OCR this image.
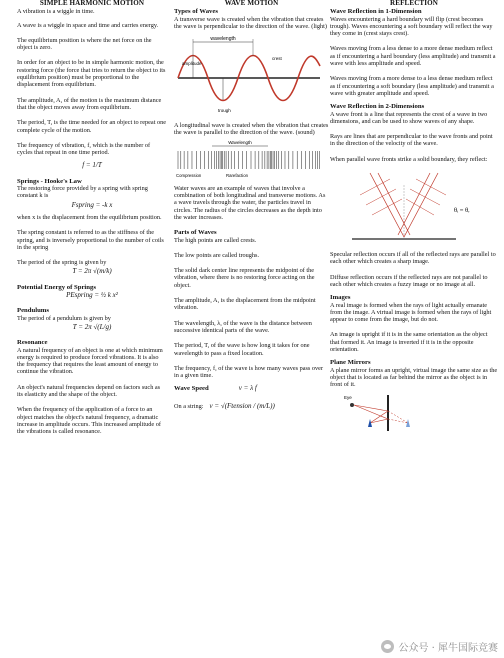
SIMPLE HARMONIC MOTION

A vibration is a wiggle in time.

A wave is a wiggle in space and time and carries energy.

The equilibrium position is where the net force on the object is zero.

In order for an object to be in simple harmonic motion, the restoring force (the force that tries to return the object to its equilibrium position) must be proportional to the displacement from equilibrium.

The amplitude, A, of the motion is the maximum distance that the object moves away from equilibrium.

The period, T, is the time needed for an object to repeat one complete cycle of the motion.

The frequency of vibration, f, which is the number of cycles that repeat in one time period.

f = 1/T
Springs - Hooke's Law

The restoring force provided by a spring with spring constant k is

Fspring = -k x

when x is the displacement from the equilibrium position.

The spring constant is referred to as the stiffness of the spring, and is inversely proportional to the number of coils in the spring

The period of the spring is given by

T = 2π √(m/k)
Potential Energy of Springs
PEspring = ½ k x²
Pendulums

The period of a pendulum is given by

T = 2π √(L/g)
Resonance

A natural frequency of an object is one at which minimum energy is required to produce forced vibrations. It is also the frequency that requires the least amount of energy to continue the vibration.

An object's natural frequencies depend on factors such as its elasticity and the shape of the object.

When the frequency of the application of a force to an object matches the object's natural frequency, a dramatic increase in amplitude occurs. This increased amplitude of the vibrations is called resonance.

WAVE MOTION
Types of Waves

A transverse wave is created when the vibration that creates the wave is perpendicular to the direction of the wave. (light)

wavelength
amplitude
crest
trough

A longitudinal wave is created when the vibration that creates the wave is parallel to the direction of the wave. (sound)

Wavelength
Compression	Rarefaction

Water waves are an example of waves that involve a combination of both longitudinal and transverse motions. As a wave travels through the water, the particles travel in circles. The radius of the circles decreases as the depth into the water increases.

Parts of Waves

The high points are called crests.

The low points are called troughs.

The solid dark center line represents the midpoint of the vibration, where there is no restoring force acting on the object.

The amplitude, A, is the displacement from the midpoint vibration.

The wavelength, λ, of the wave is the distance between successive identical parts of the wave.

The period, T, of the wave is how long it takes for one wavelength to pass a fixed location.

The frequency, f, of the wave is how many waves pass over in a given time.

Wave Speed	v = λ f
On a string: v = √(Ftension / (m/L))
REFLECTION
Wave Reflection in 1-Dimension

Waves encountering a hard boundary will flip (crest becomes trough). Waves encountering a soft boundary will reflect the way they come in (crest stays crest).

Waves moving from a less dense to a more dense medium reflect as if encountering a hard boundary (less amplitude) and transmit a wave with less amplitude and speed.

Waves moving from a more dense to a less dense medium reflect as if encountering a soft boundary (less amplitude) and transmit a wave with greater amplitude and speed.

Wave Reflection in 2-Dimensions

A wave front is a line that represents the crest of a wave in two dimensions, and can be used to show waves of any shape.

Rays are lines that are perpendicular to the wave fronts and point in the direction of the velocity of the wave.

When parallel wave fronts strike a solid boundary, they reflect:

θᵢ = θᵣ

Specular reflection occurs if all of the reflected rays are parallel to each other which creates a sharp image.

Diffuse reflection occurs if the reflected rays are not parallel to each other which creates a fuzzy image or no image at all.

Images

A real image is formed when the rays of light actually emanate from the image. A virtual image is formed when the rays of light appear to come from the image, but do not.

An image is upright if it is in the same orientation as the object that formed it. An image is inverted if it is in the opposite orientation.

Plane Mirrors

A plane mirror forms an upright, virtual image the same size as the object that is located as far behind the mirror as the object is in front of it.

Eye
公众号 · 犀牛国际竞赛
